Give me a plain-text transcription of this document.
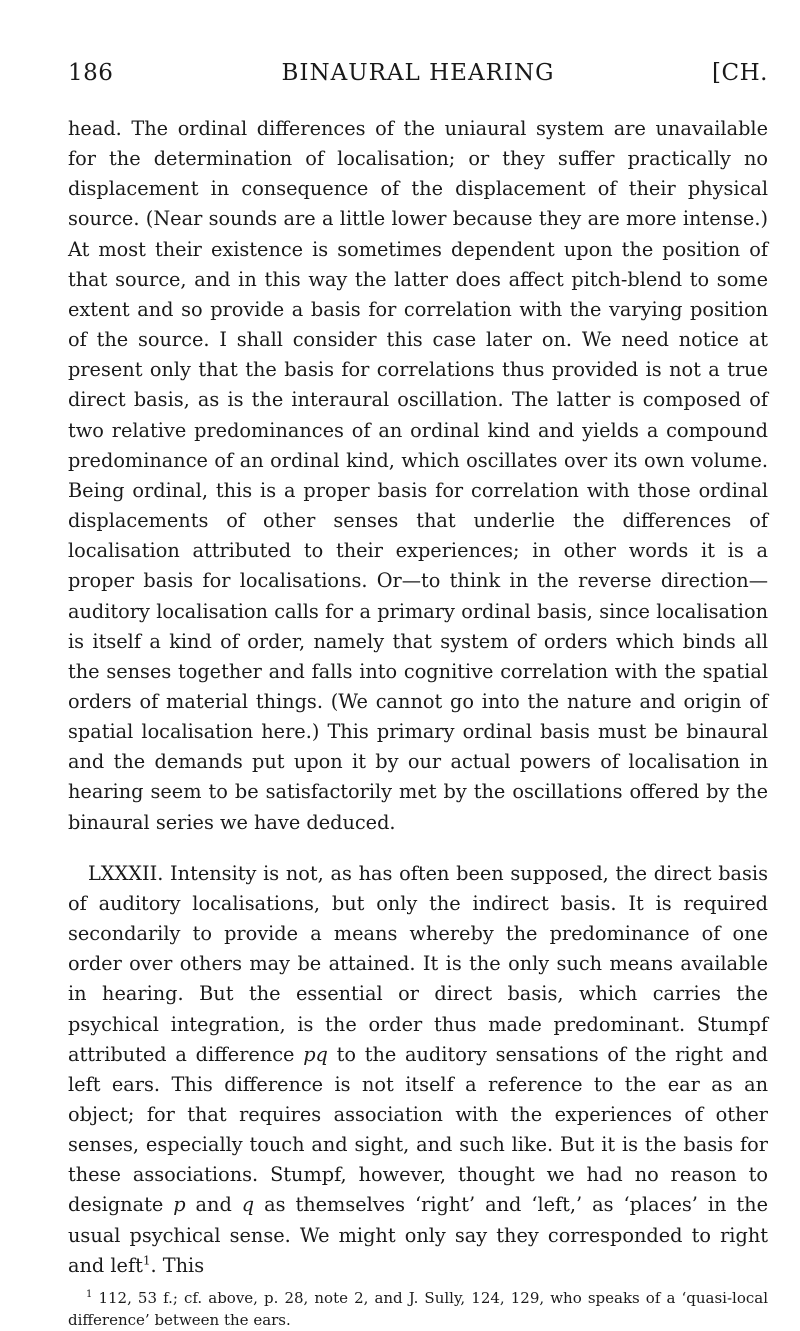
186	BINAURAL HEARING	[CH.

head. The ordinal differences of the uniaural system are unavailable for the determination of localisation; or they suffer practically no displacement in consequence of the displacement of their physical source. (Near sounds are a little lower because they are more intense.) At most their existence is sometimes dependent upon the position of that source, and in this way the latter does affect pitch-blend to some extent and so provide a basis for correlation with the varying position of the source. I shall consider this case later on. We need notice at present only that the basis for correlations thus provided is not a true direct basis, as is the interaural oscillation. The latter is composed of two relative predominances of an ordinal kind and yields a compound predominance of an ordinal kind, which oscillates over its own volume. Being ordinal, this is a proper basis for correlation with those ordinal displacements of other senses that underlie the differences of localisation attributed to their experiences; in other words it is a proper basis for localisations. Or—to think in the reverse direction—auditory localisation calls for a primary ordinal basis, since localisation is itself a kind of order, namely that system of orders which binds all the senses together and falls into cognitive correlation with the spatial orders of material things. (We cannot go into the nature and origin of spatial localisation here.) This primary ordinal basis must be binaural and the demands put upon it by our actual powers of localisation in hearing seem to be satisfactorily met by the oscillations offered by the binaural series we have deduced.

LXXXII. Intensity is not, as has often been supposed, the direct basis of auditory localisations, but only the indirect basis. It is required secondarily to provide a means whereby the predominance of one order over others may be attained. It is the only such means available in hearing. But the essential or direct basis, which carries the psychical integration, is the order thus made predominant. Stumpf attributed a difference pq to the auditory sensations of the right and left ears. This difference is not itself a reference to the ear as an object; for that requires association with the experiences of other senses, especially touch and sight, and such like. But it is the basis for these associations. Stumpf, however, thought we had no reason to designate p and q as themselves ‘right’ and ‘left,’ as ‘places’ in the usual psychical sense. We might only say they corresponded to right and left$^1$. This

$^1$ 112, 53 f.; cf. above, p. 28, note 2, and J. Sully, 124, 129, who speaks of a ‘quasi-local difference’ between the ears.
